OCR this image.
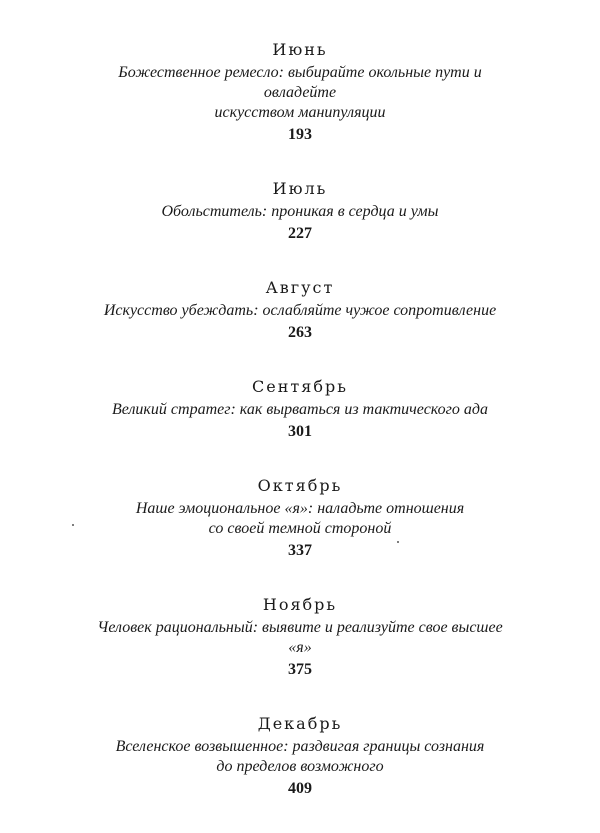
Июнь
Божественное ремесло: выбирайте окольные пути и овладейте
искусством манипуляции
193
Июль
Обольститель: проникая в сердца и умы
227
Август
Искусство убеждать: ослабляйте чужое сопротивление
263
Сентябрь
Великий стратег: как вырваться из тактического ада
301
Октябрь
Наше эмоциональное «я»: наладьте отношения
со своей темной стороной
337
Ноябрь
Человек рациональный: выявите и реализуйте свое высшее «я»
375
Декабрь
Вселенское возвышенное: раздвигая границы сознания
до пределов возможного
409
